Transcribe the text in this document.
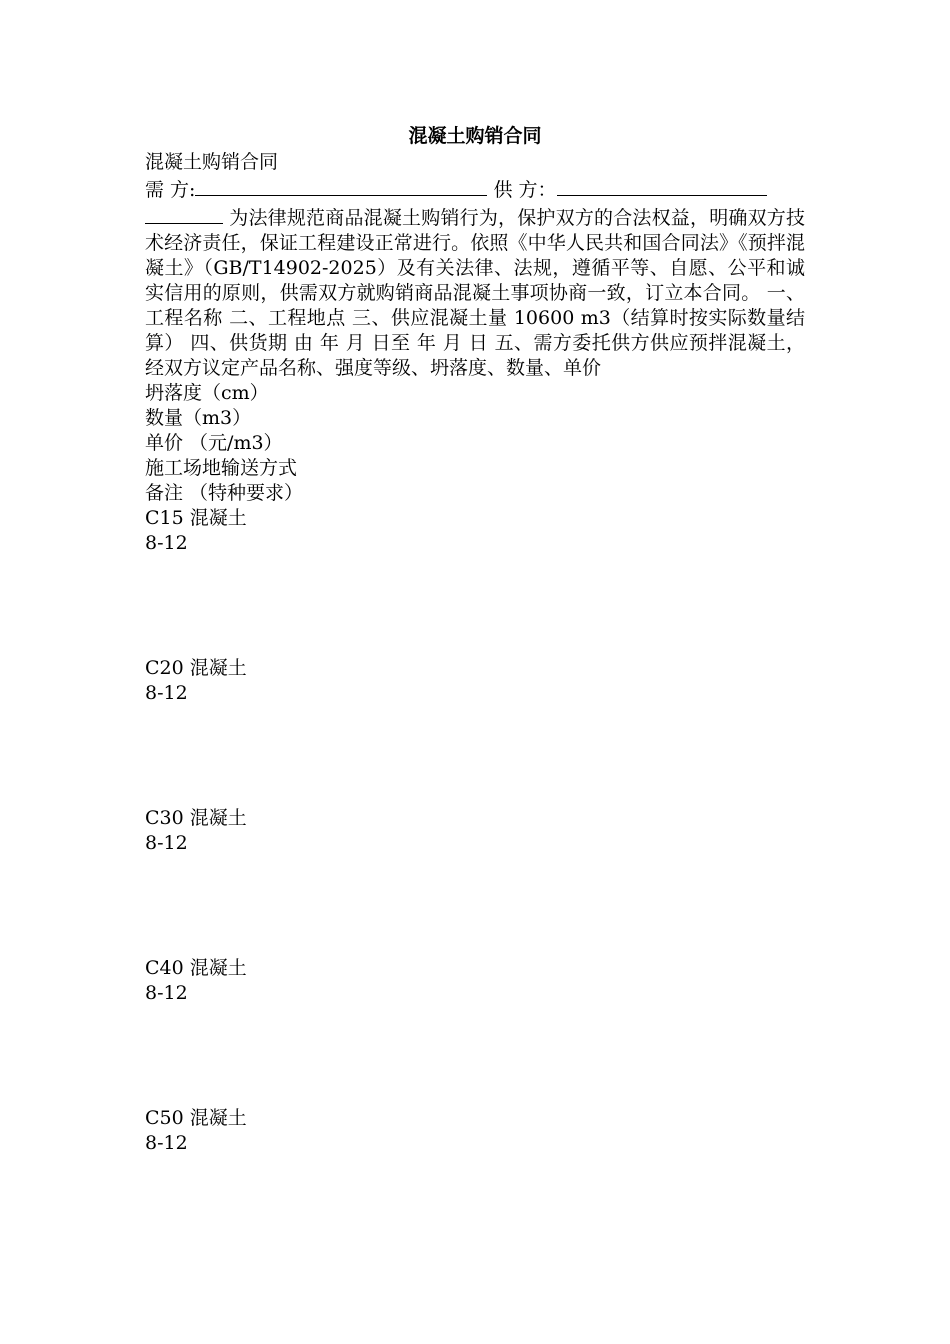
混凝土购销合同

混凝土购销合同

需 方:	供 方：

为法律规范商品混凝土购销行为，保护双方的合法权益，明确双方技术经济责任，保证工程建设正常进行。依照《中华人民共和国合同法》《预拌混凝土》（GB/T14902-2025）及有关法律、法规，遵循平等、自愿、公平和诚实信用的原则，供需双方就购销商品混凝土事项协商一致，订立本合同。 一、工程名称 二、工程地点 三、供应混凝土量 10600 m3（结算时按实际数量结算） 四、供货期 由 年 月 日至 年 月 日 五、需方委托供方供应预拌混凝土，经双方议定产品名称、强度等级、坍落度、数量、单价

坍落度（cm）

数量（m3）

单价 （元/m3）

施工场地输送方式

备注 （特种要求）

C15 混凝土

8-12

C20 混凝土

8-12

C30 混凝土

8-12

C40 混凝土

8-12

C50 混凝土

8-12
